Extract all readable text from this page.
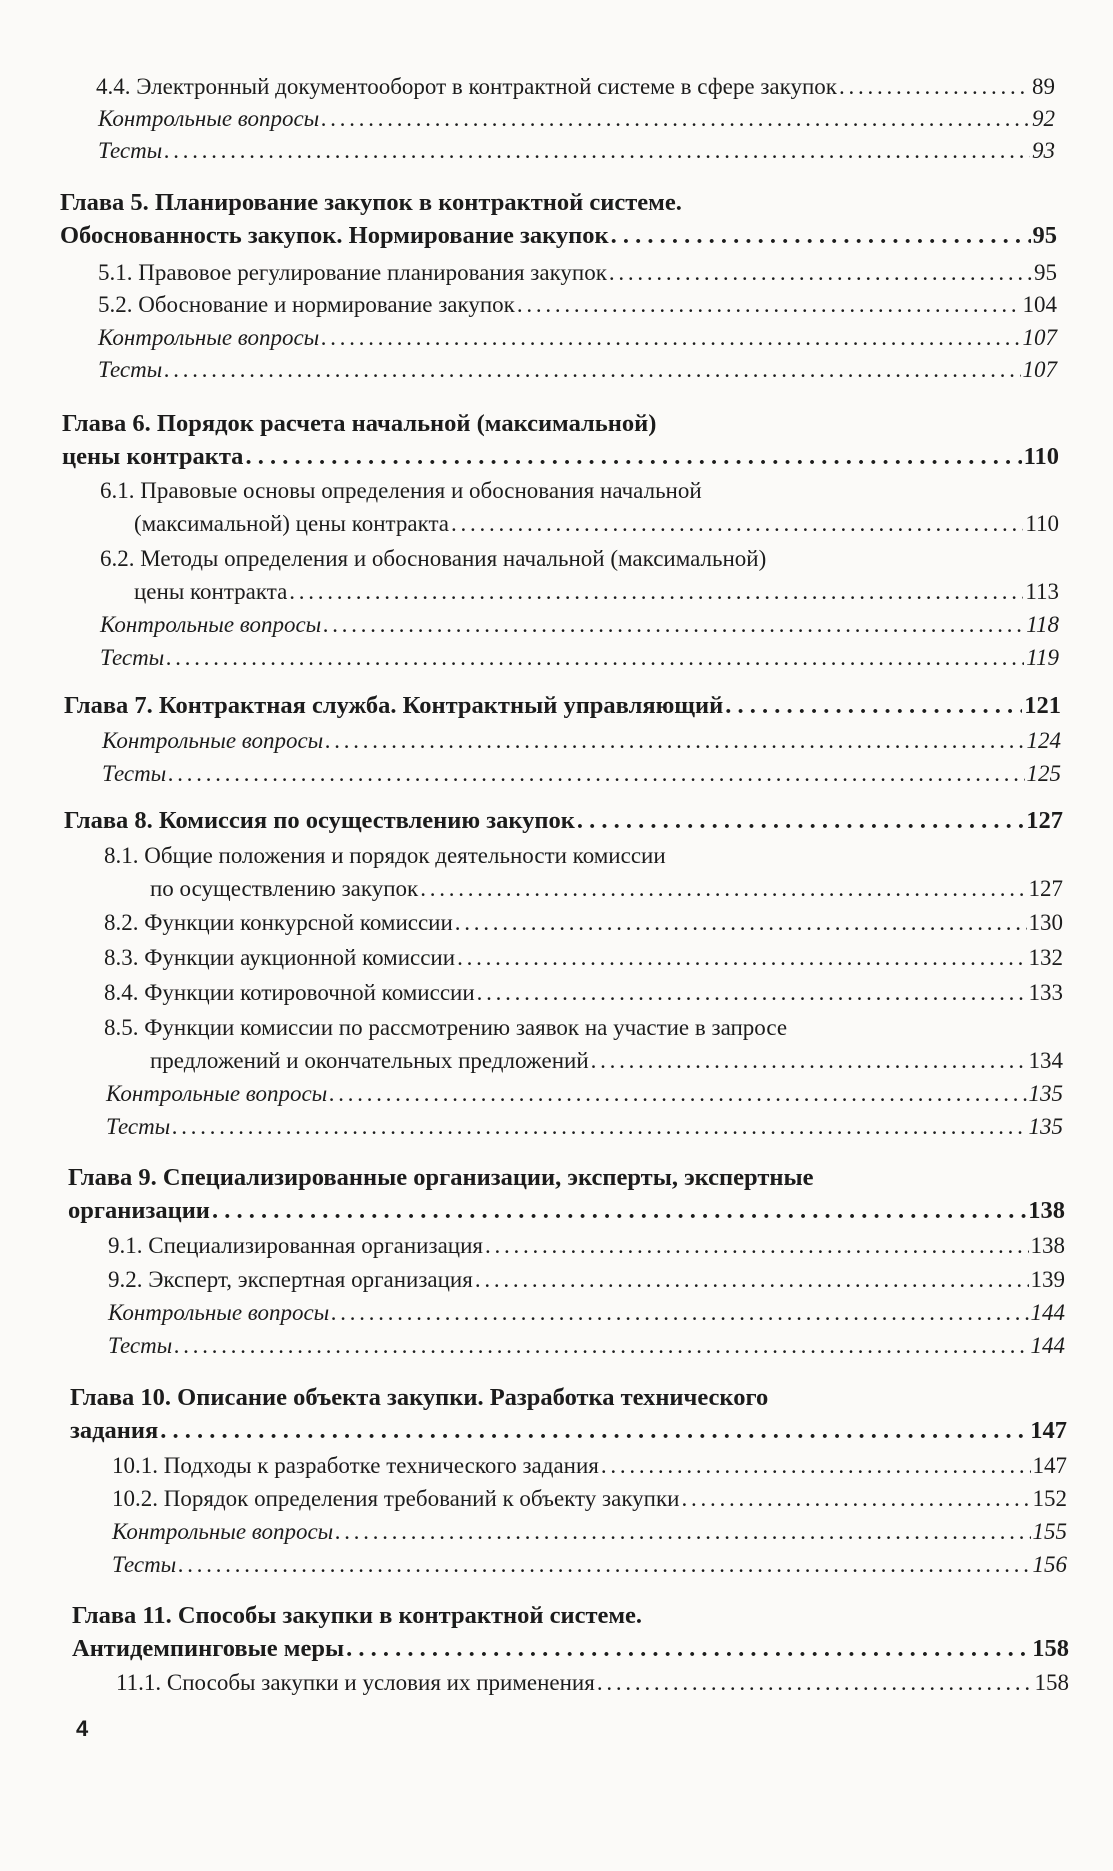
4.4. Электронный документооборот в контрактной системе в сфере закупок . . .	89
Контрольные вопросы . . .	92
Тесты . . .	93
Глава 5. Планирование закупок в контрактной системе.
Обоснованность закупок. Нормирование закупок . . .	95
5.1. Правовое регулирование планирования закупок . . .	95
5.2. Обоснование и нормирование закупок . . .	104
Контрольные вопросы . . .	107
Тесты . . .	107
Глава 6. Порядок расчета начальной (максимальной)
цены контракта . . .	110
6.1. Правовые основы определения и обоснования начальной
(максимальной) цены контракта . . .	110
6.2. Методы определения и обоснования начальной (максимальной)
цены контракта . . .	113
Контрольные вопросы . . .	118
Тесты . . .	119
Глава 7. Контрактная служба. Контрактный управляющий . . .	121
Контрольные вопросы . . .	124
Тесты . . .	125
Глава 8. Комиссия по осуществлению закупок . . .	127
8.1. Общие положения и порядок деятельности комиссии
по осуществлению закупок . . .	127
8.2. Функции конкурсной комиссии . . .	130
8.3. Функции аукционной комиссии . . .	132
8.4. Функции котировочной комиссии . . .	133
8.5. Функции комиссии по рассмотрению заявок на участие в запросе
предложений и окончательных предложений . . .	134
Контрольные вопросы . . .	135
Тесты . . .	135
Глава 9. Специализированные организации, эксперты, экспертные
организации . . .	138
9.1. Специализированная организация . . .	138
9.2. Эксперт, экспертная организация . . .	139
Контрольные вопросы . . .	144
Тесты . . .	144
Глава 10. Описание объекта закупки. Разработка технического
задания . . .	147
10.1. Подходы к разработке технического задания . . .	147
10.2. Порядок определения требований к объекту закупки . . .	152
Контрольные вопросы . . .	155
Тесты . . .	156
Глава 11. Способы закупки в контрактной системе.
Антидемпинговые меры . . .	158
11.1. Способы закупки и условия их применения . . .	158
4
